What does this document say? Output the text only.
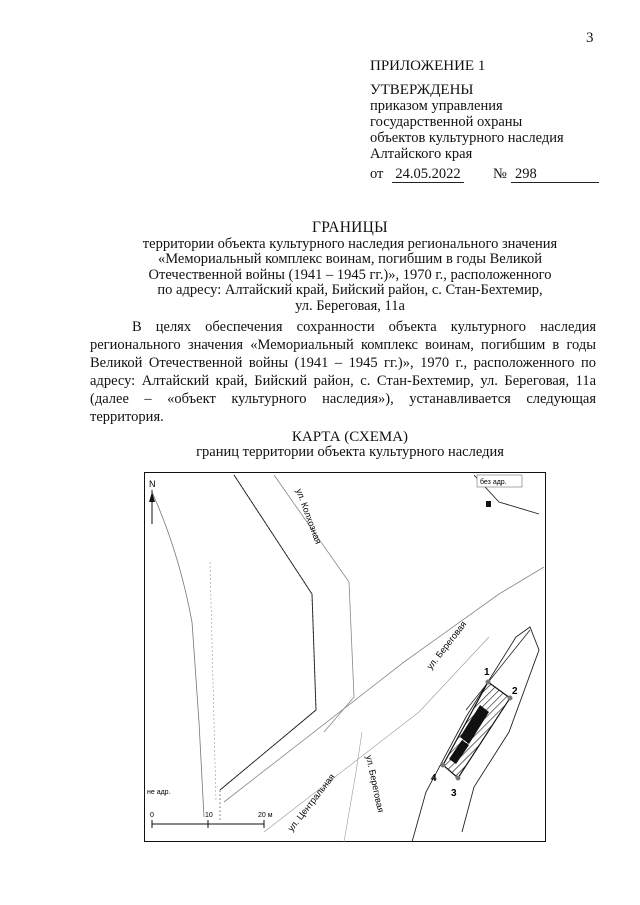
3
ПРИЛОЖЕНИЕ 1
УТВЕРЖДЕНЫ
приказом управления
государственной охраны
объектов культурного наследия
Алтайского края
от 24.05.2022 № 298
ГРАНИЦЫ
территории объекта культурного наследия регионального значения
«Мемориальный комплекс воинам, погибшим в годы Великой
Отечественной войны (1941 – 1945 гг.)», 1970 г., расположенного
по адресу: Алтайский край, Бийский район, с. Стан-Бехтемир,
ул. Береговая, 11а
В целях обеспечения сохранности объекта культурного наследия регионального значения «Мемориальный комплекс воинам, погибшим в годы Великой Отечественной войны (1941 – 1945 гг.)», 1970 г., расположенного по адресу: Алтайский край, Бийский район, с. Стан-Бехтемир, ул. Береговая, 11а (далее – «объект культурного наследия»), устанавливается следующая территория.
КАРТА (СХЕМА)
границ территории объекта культурного наследия
без адр.
1
2
3
4
ул. Колхозная
ул. Береговая
ул. Центральная	ул. Береговая
не адр.
N
0	10	20 м
